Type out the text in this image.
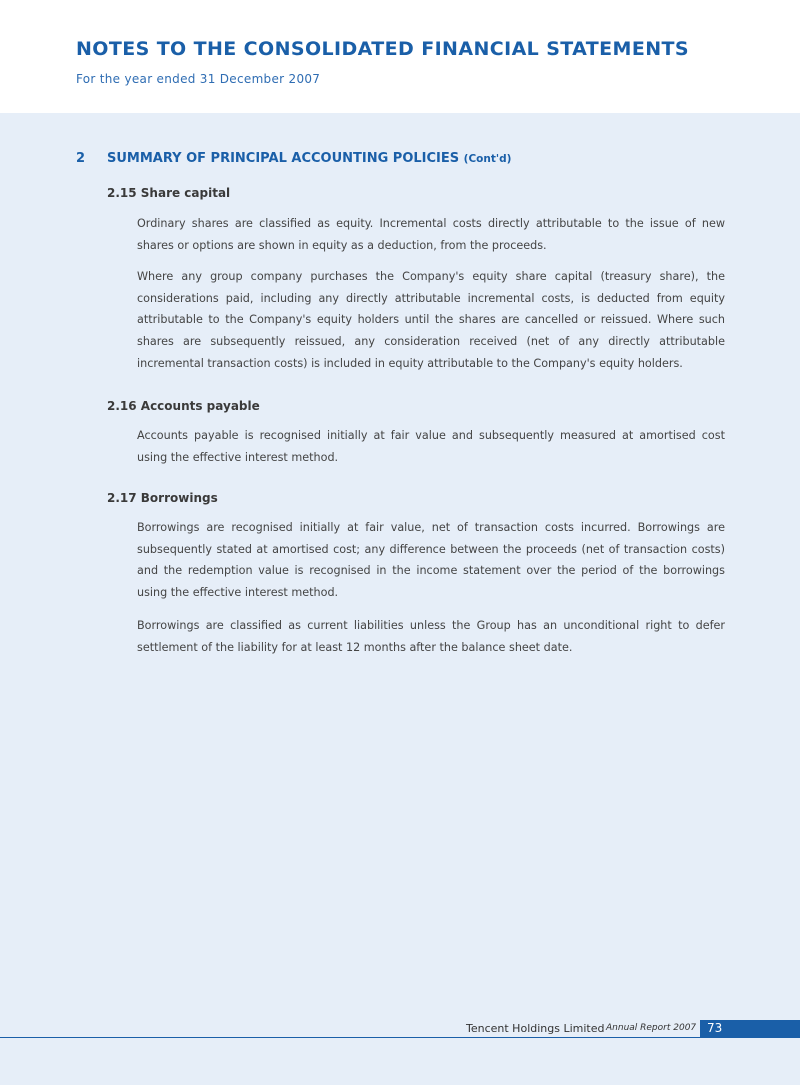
NOTES TO THE CONSOLIDATED FINANCIAL STATEMENTS
For the year ended 31 December 2007
2 SUMMARY OF PRINCIPAL ACCOUNTING POLICIES (Cont'd)
2.15 Share capital

Ordinary shares are classified as equity. Incremental costs directly attributable to the issue of new shares or options are shown in equity as a deduction, from the proceeds.

Where any group company purchases the Company's equity share capital (treasury share), the considerations paid, including any directly attributable incremental costs, is deducted from equity attributable to the Company's equity holders until the shares are cancelled or reissued. Where such shares are subsequently reissued, any consideration received (net of any directly attributable incremental transaction costs) is included in equity attributable to the Company's equity holders.

2.16 Accounts payable

Accounts payable is recognised initially at fair value and subsequently measured at amortised cost using the effective interest method.

2.17 Borrowings

Borrowings are recognised initially at fair value, net of transaction costs incurred. Borrowings are subsequently stated at amortised cost; any difference between the proceeds (net of transaction costs) and the redemption value is recognised in the income statement over the period of the borrowings using the effective interest method.

Borrowings are classified as current liabilities unless the Group has an unconditional right to defer settlement of the liability for at least 12 months after the balance sheet date.

Tencent Holdings Limited Annual Report 2007 73
